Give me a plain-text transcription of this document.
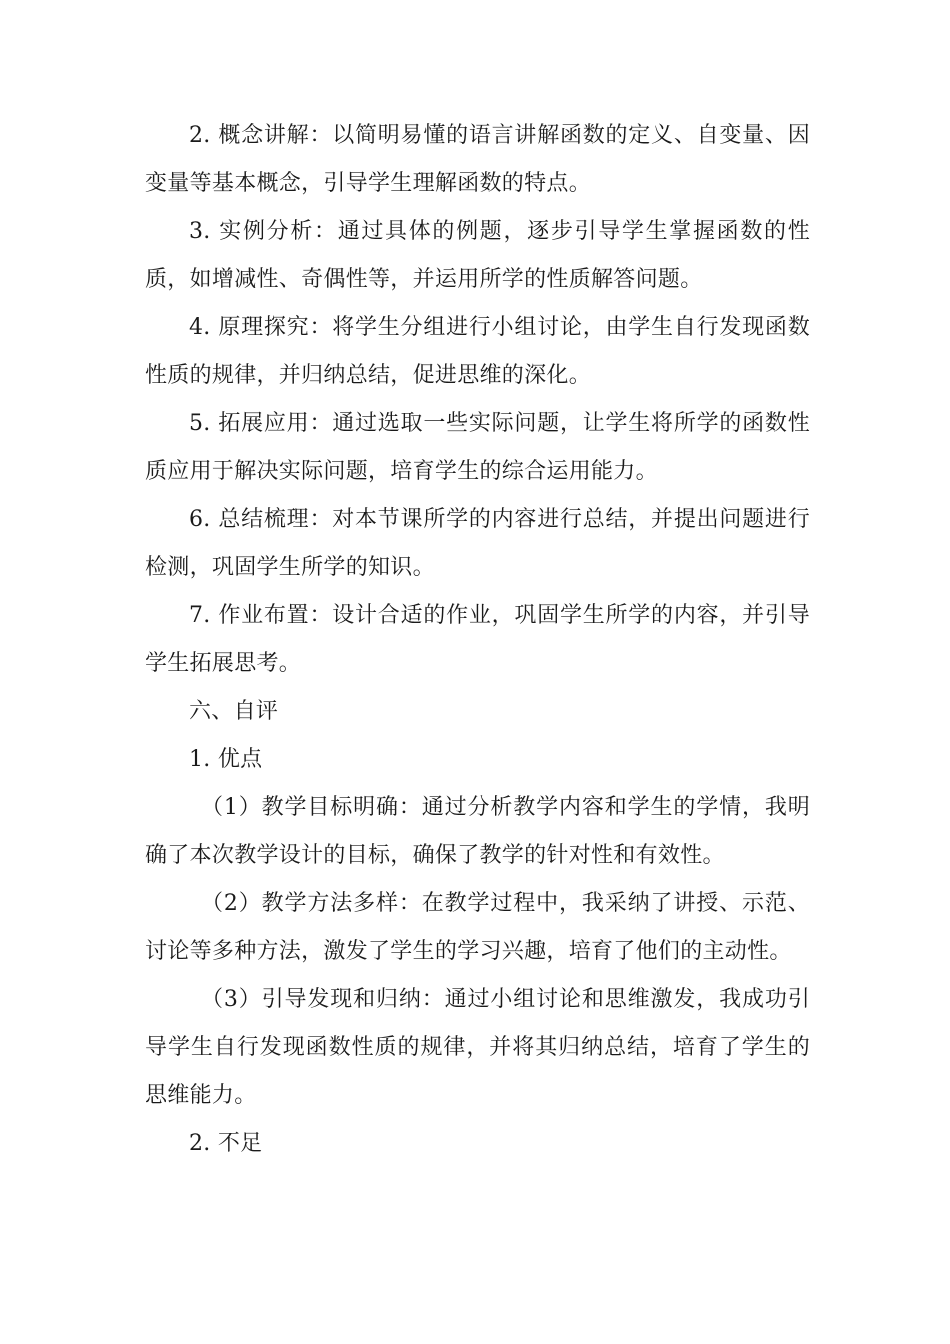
2. 概念讲解：以简明易懂的语言讲解函数的定义、自变量、因变量等基本概念，引导学生理解函数的特点。

3. 实例分析：通过具体的例题，逐步引导学生掌握函数的性质，如增减性、奇偶性等，并运用所学的性质解答问题。

4. 原理探究：将学生分组进行小组讨论，由学生自行发现函数性质的规律，并归纳总结，促进思维的深化。

5. 拓展应用：通过选取一些实际问题，让学生将所学的函数性质应用于解决实际问题，培育学生的综合运用能力。

6. 总结梳理：对本节课所学的内容进行总结，并提出问题进行检测，巩固学生所学的知识。

7. 作业布置：设计合适的作业，巩固学生所学的内容，并引导学生拓展思考。

六、自评

1. 优点

（1）教学目标明确：通过分析教学内容和学生的学情，我明确了本次教学设计的目标，确保了教学的针对性和有效性。

（2）教学方法多样：在教学过程中，我采纳了讲授、示范、讨论等多种方法，激发了学生的学习兴趣，培育了他们的主动性。

（3）引导发现和归纳：通过小组讨论和思维激发，我成功引导学生自行发现函数性质的规律，并将其归纳总结，培育了学生的思维能力。

2. 不足
